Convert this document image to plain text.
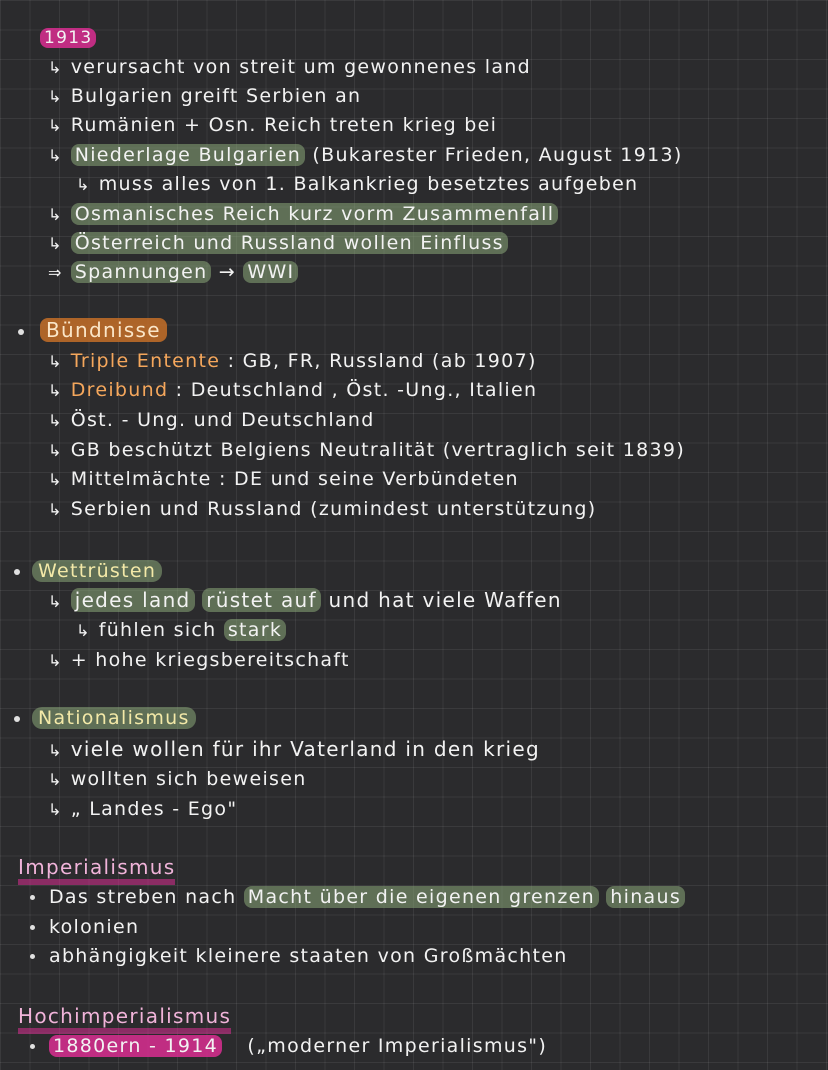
1913
↳ verursacht von streit um gewonnenes land
↳ Bulgarien greift Serbien an
↳ Rumänien + Osn. Reich treten krieg bei
↳ Niederlage Bulgarien (Bukarester Frieden, August 1913)
↳ muss alles von 1. Balkankrieg besetztes aufgeben
↳ Osmanisches Reich kurz vorm Zusammenfall
↳ Österreich und Russland wollen Einfluss
⇒ Spannungen → WWI
Bündnisse
↳ Triple Entente : GB, FR, Russland (ab 1907)
↳ Dreibund : Deutschland , Öst. -Ung., Italien
↳ Öst. - Ung. und Deutschland
↳ GB beschützt Belgiens Neutralität (vertraglich seit 1839)
↳ Mittelmächte : DE und seine Verbündeten
↳ Serbien und Russland (zumindest unterstützung)
Wettrüsten
↳ jedes land rüstet auf und hat viele Waffen
↳ fühlen sich stark
↳ + hohe kriegsbereitschaft
Nationalismus
↳ viele wollen für ihr Vaterland in den krieg
↳ wollten sich beweisen
↳ „ Landes - Ego"
Imperialismus
Das streben nach Macht über die eigenen grenzen hinaus
kolonien
abhängigkeit kleinere staaten von Großmächten
Hochimperialismus
1880ern - 1914 („moderner Imperialismus")
